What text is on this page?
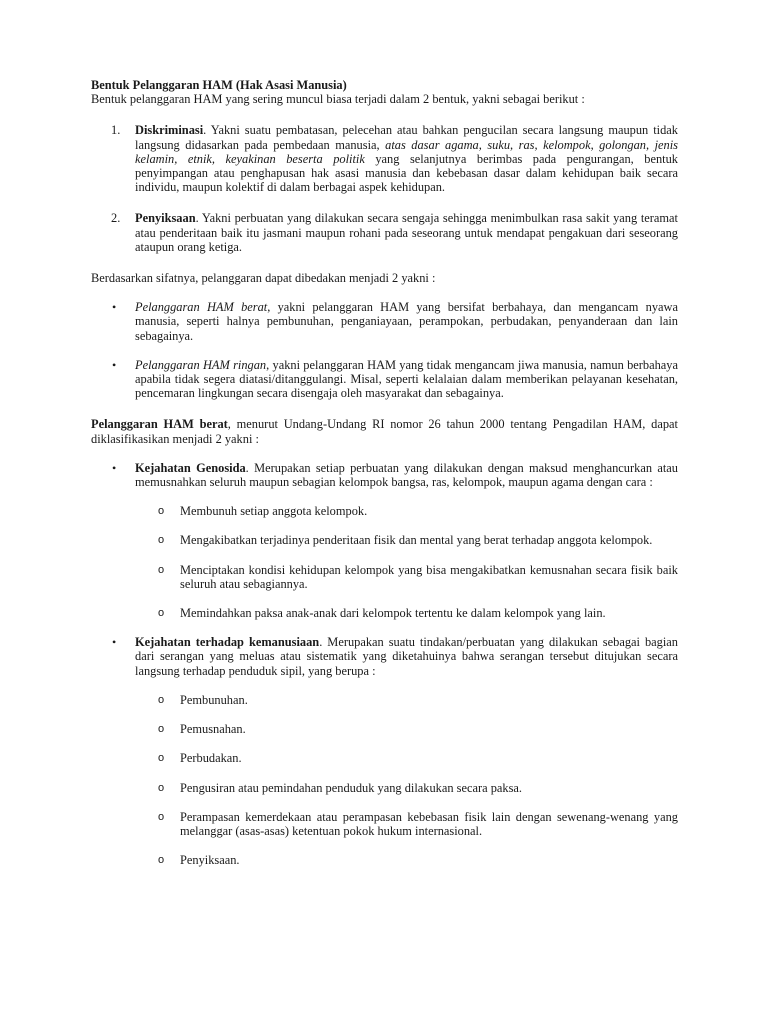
Bentuk Pelanggaran HAM (Hak Asasi Manusia)

Bentuk pelanggaran HAM yang sering muncul biasa terjadi dalam 2 bentuk, yakni sebagai berikut :

1. Diskriminasi. Yakni suatu pembatasan, pelecehan atau bahkan pengucilan secara langsung maupun tidak langsung didasarkan pada pembedaan manusia, atas dasar agama, suku, ras, kelompok, golongan, jenis kelamin, etnik, keyakinan beserta politik yang selanjutnya berimbas pada pengurangan, bentuk penyimpangan atau penghapusan hak asasi manusia dan kebebasan dasar dalam kehidupan baik secara individu, maupun kolektif di dalam berbagai aspek kehidupan.
2. Penyiksaan. Yakni perbuatan yang dilakukan secara sengaja sehingga menimbulkan rasa sakit yang teramat atau penderitaan baik itu jasmani maupun rohani pada seseorang untuk mendapat pengakuan dari seseorang ataupun orang ketiga.

Berdasarkan sifatnya, pelanggaran dapat dibedakan menjadi 2 yakni :

• Pelanggaran HAM berat, yakni pelanggaran HAM yang bersifat berbahaya, dan mengancam nyawa manusia, seperti halnya pembunuhan, penganiayaan, perampokan, perbudakan, penyanderaan dan lain sebagainya.
• Pelanggaran HAM ringan, yakni pelanggaran HAM yang tidak mengancam jiwa manusia, namun berbahaya apabila tidak segera diatasi/ditanggulangi. Misal, seperti kelalaian dalam memberikan pelayanan kesehatan, pencemaran lingkungan secara disengaja oleh masyarakat dan sebagainya.

Pelanggaran HAM berat, menurut Undang-Undang RI nomor 26 tahun 2000 tentang Pengadilan HAM, dapat diklasifikasikan menjadi 2 yakni :

• Kejahatan Genosida. Merupakan setiap perbuatan yang dilakukan dengan maksud menghancurkan atau memusnahkan seluruh maupun sebagian kelompok bangsa, ras, kelompok, maupun agama dengan cara :
o Membunuh setiap anggota kelompok.
o Mengakibatkan terjadinya penderitaan fisik dan mental yang berat terhadap anggota kelompok.
o Menciptakan kondisi kehidupan kelompok yang bisa mengakibatkan kemusnahan secara fisik baik seluruh atau sebagiannya.
o Memindahkan paksa anak-anak dari kelompok tertentu ke dalam kelompok yang lain.
• Kejahatan terhadap kemanusiaan. Merupakan suatu tindakan/perbuatan yang dilakukan sebagai bagian dari serangan yang meluas atau sistematik yang diketahuinya bahwa serangan tersebut ditujukan secara langsung terhadap penduduk sipil, yang berupa :
o Pembunuhan.
o Pemusnahan.
o Perbudakan.
o Pengusiran atau pemindahan penduduk yang dilakukan secara paksa.
o Perampasan kemerdekaan atau perampasan kebebasan fisik lain dengan sewenang-wenang yang melanggar (asas-asas) ketentuan pokok hukum internasional.
o Penyiksaan.
